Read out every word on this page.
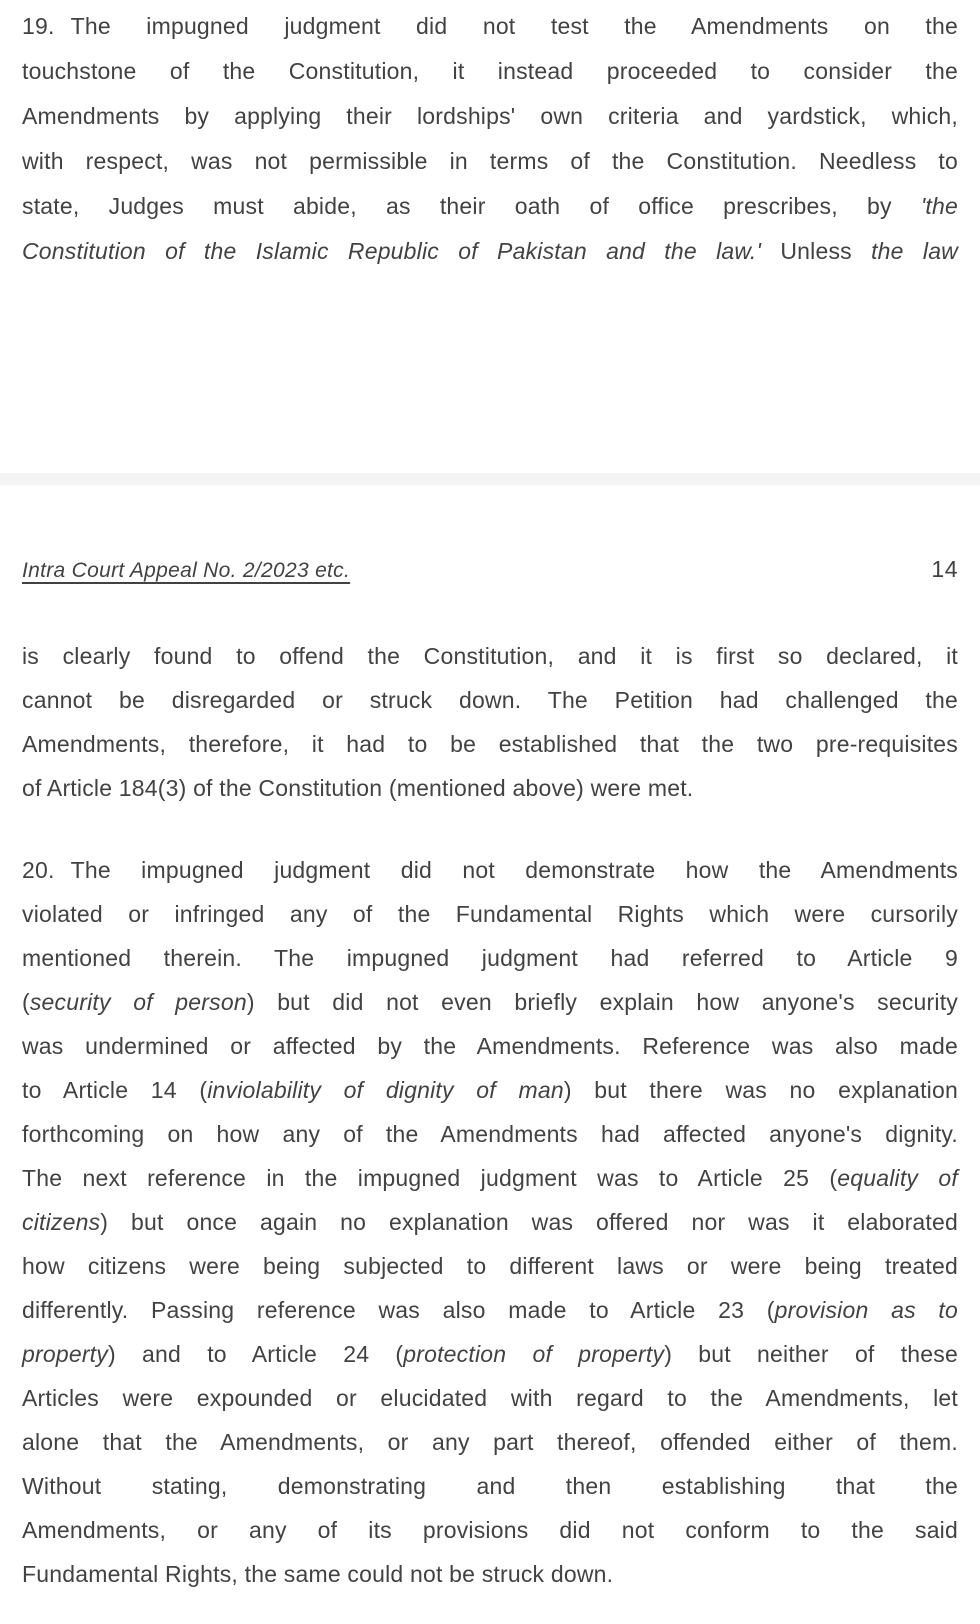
19. The impugned judgment did not test the Amendments on the
touchstone of the Constitution, it instead proceeded to consider the
Amendments by applying their lordships' own criteria and yardstick, which,
with respect, was not permissible in terms of the Constitution. Needless to
state, Judges must abide, as their oath of office prescribes, by 'the
Constitution of the Islamic Republic of Pakistan and the law.' Unless the law
Intra Court Appeal No. 2/2023 etc.	14
is clearly found to offend the Constitution, and it is first so declared, it
cannot be disregarded or struck down. The Petition had challenged the
Amendments, therefore, it had to be established that the two pre-requisites
of Article 184(3) of the Constitution (mentioned above) were met.
20. The impugned judgment did not demonstrate how the Amendments
violated or infringed any of the Fundamental Rights which were cursorily
mentioned therein. The impugned judgment had referred to Article 9
(security of person) but did not even briefly explain how anyone's security
was undermined or affected by the Amendments. Reference was also made
to Article 14 (inviolability of dignity of man) but there was no explanation
forthcoming on how any of the Amendments had affected anyone's dignity.
The next reference in the impugned judgment was to Article 25 (equality of
citizens) but once again no explanation was offered nor was it elaborated
how citizens were being subjected to different laws or were being treated
differently. Passing reference was also made to Article 23 (provision as to
property) and to Article 24 (protection of property) but neither of these
Articles were expounded or elucidated with regard to the Amendments, let
alone that the Amendments, or any part thereof, offended either of them.
Without stating, demonstrating and then establishing that the
Amendments, or any of its provisions did not conform to the said
Fundamental Rights, the same could not be struck down.
